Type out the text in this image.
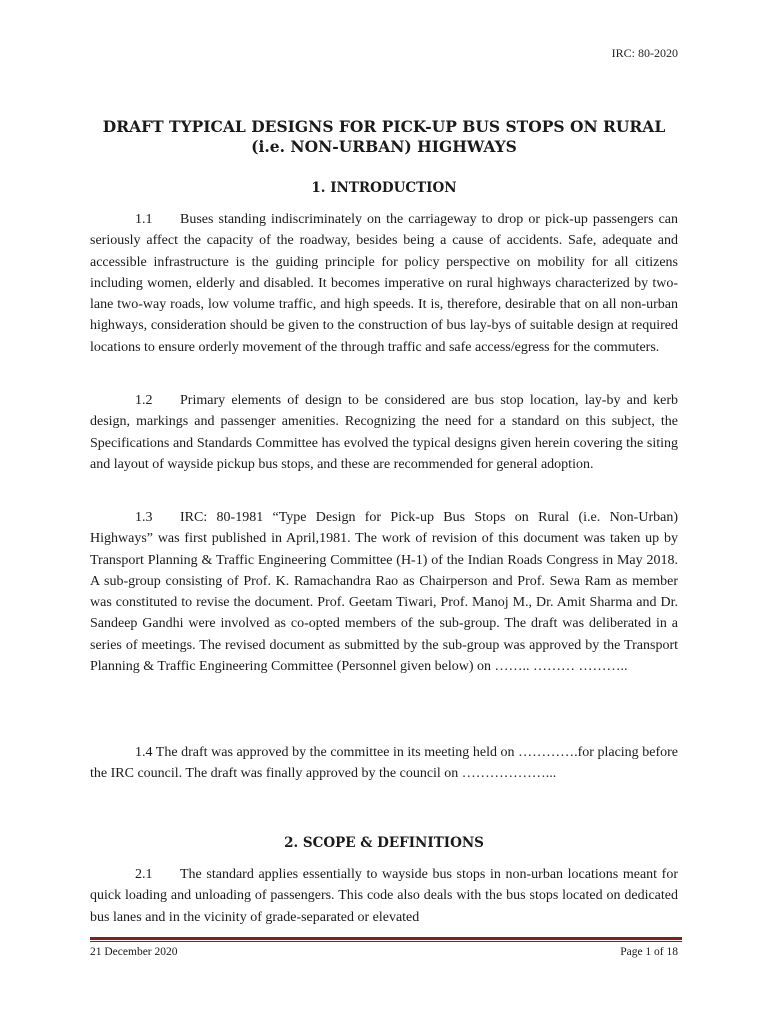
IRC: 80-2020
DRAFT TYPICAL DESIGNS FOR PICK-UP BUS STOPS ON RURAL
(i.e. NON-URBAN) HIGHWAYS
1. INTRODUCTION

1.1 Buses standing indiscriminately on the carriageway to drop or pick-up passengers can seriously affect the capacity of the roadway, besides being a cause of accidents. Safe, adequate and accessible infrastructure is the guiding principle for policy perspective on mobility for all citizens including women, elderly and disabled. It becomes imperative on rural highways characterized by two-lane two-way roads, low volume traffic, and high speeds. It is, therefore, desirable that on all non-urban highways, consideration should be given to the construction of bus lay-bys of suitable design at required locations to ensure orderly movement of the through traffic and safe access/egress for the commuters.

1.2 Primary elements of design to be considered are bus stop location, lay-by and kerb design, markings and passenger amenities. Recognizing the need for a standard on this subject, the Specifications and Standards Committee has evolved the typical designs given herein covering the siting and layout of wayside pickup bus stops, and these are recommended for general adoption.

1.3 IRC: 80-1981 “Type Design for Pick-up Bus Stops on Rural (i.e. Non-Urban) Highways” was first published in April,1981. The work of revision of this document was taken up by Transport Planning & Traffic Engineering Committee (H-1) of the Indian Roads Congress in May 2018. A sub-group consisting of Prof. K. Ramachandra Rao as Chairperson and Prof. Sewa Ram as member was constituted to revise the document. Prof. Geetam Tiwari, Prof. Manoj M., Dr. Amit Sharma and Dr. Sandeep Gandhi were involved as co-opted members of the sub-group. The draft was deliberated in a series of meetings. The revised document as submitted by the sub-group was approved by the Transport Planning & Traffic Engineering Committee (Personnel given below) on …….. ……… ………..

1.4 The draft was approved by the committee in its meeting held on ………….for placing before the IRC council. The draft was finally approved by the council on ………………...

2. SCOPE & DEFINITIONS

2.1 The standard applies essentially to wayside bus stops in non-urban locations meant for quick loading and unloading of passengers. This code also deals with the bus stops located on dedicated bus lanes and in the vicinity of grade-separated or elevated

21 December 2020	Page 1 of 18
